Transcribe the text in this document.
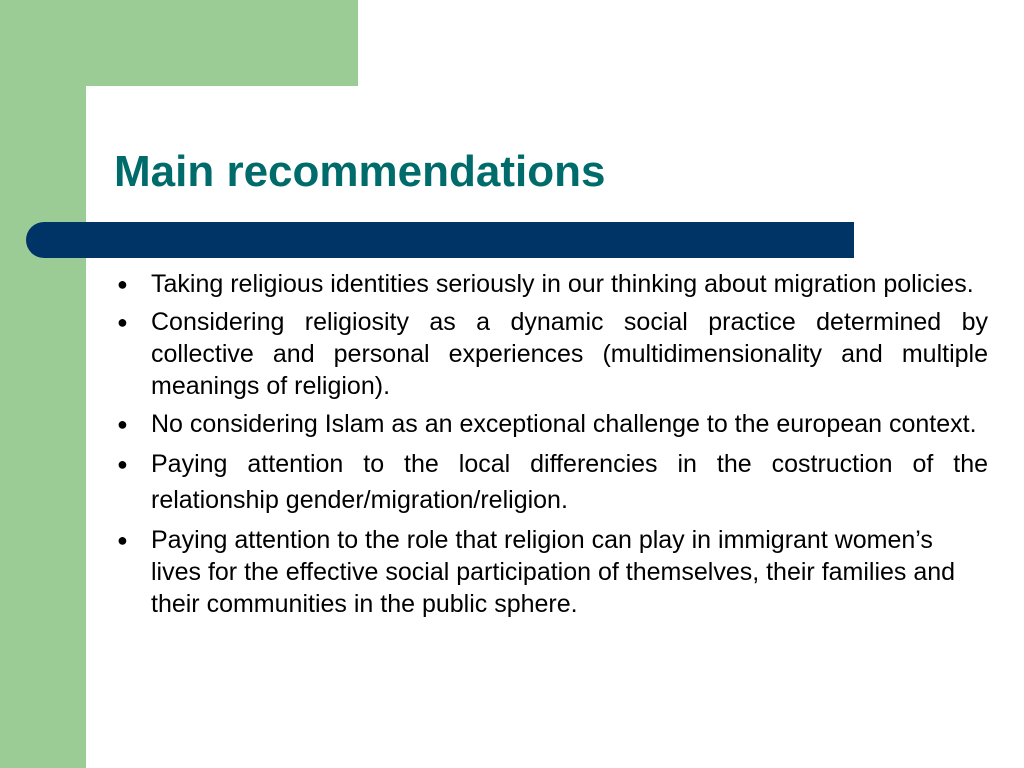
Main recommendations
● Taking religious identities seriously in our thinking about migration policies.
● Considering religiosity as a dynamic social practice determined by collective and personal experiences (multidimensionality and multiple meanings of religion).
● No considering Islam as an exceptional challenge to the european context.
● Paying attention to the local differencies in the costruction of the relationship gender/migration/religion.
● Paying attention to the role that religion can play in immigrant women’s lives for the effective social participation of themselves, their families and their communities in the public sphere.
